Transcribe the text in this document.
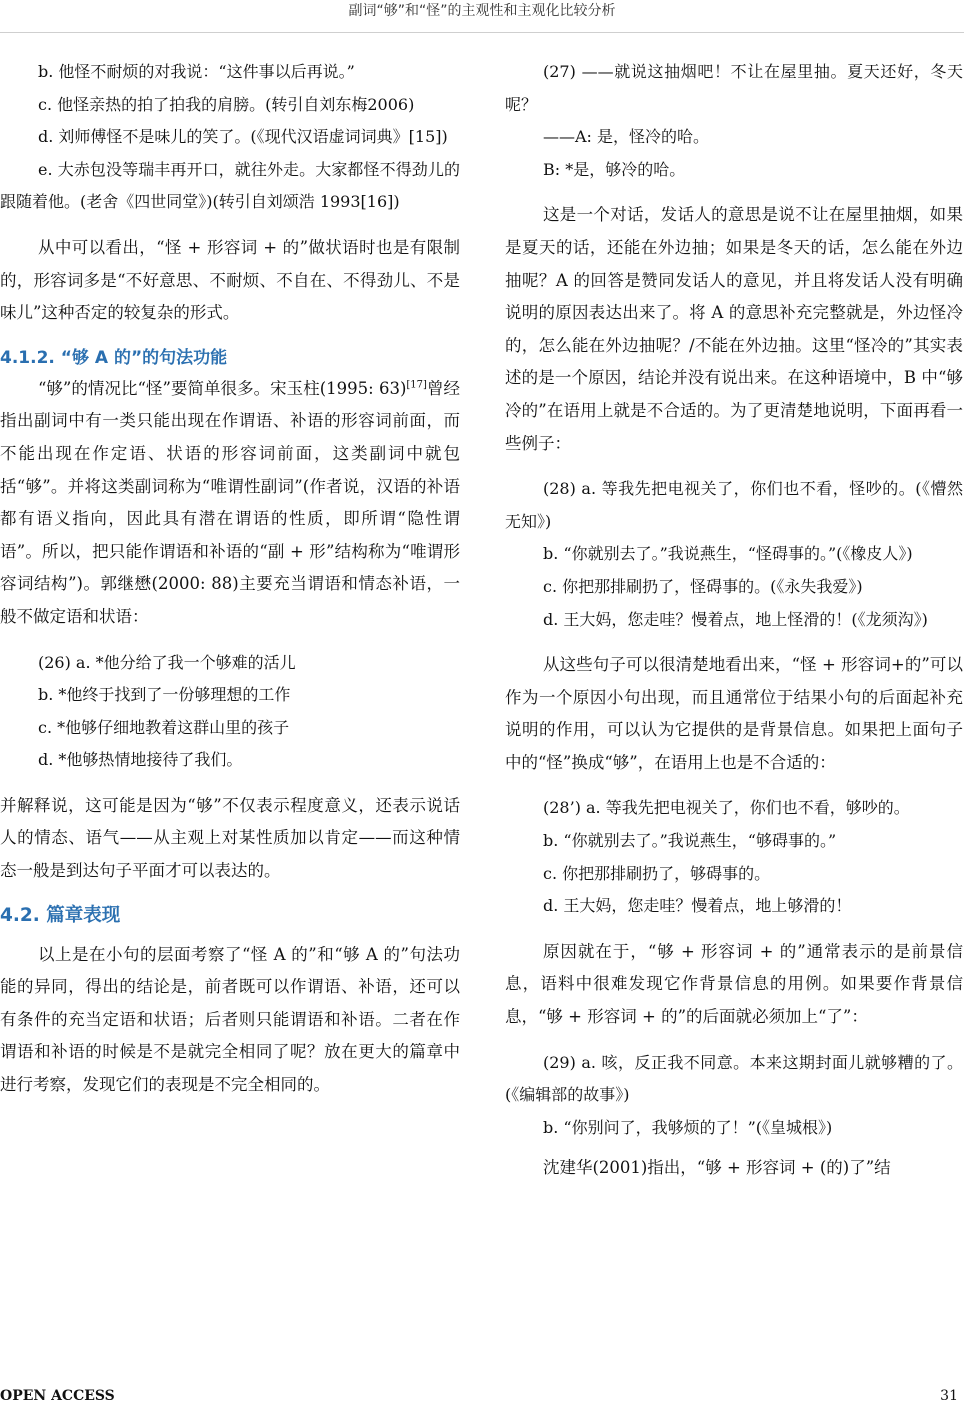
副词“够”和“怪”的主观性和主观化比较分析

b. 他怪不耐烦的对我说：“这件事以后再说。”

c. 他怪亲热的拍了拍我的肩膀。(转引自刘东梅2006)

d. 刘师傅怪不是味儿的笑了。(《现代汉语虚词词典》[15])

e. 大赤包没等瑞丰再开口，就往外走。大家都怪不得劲儿的跟随着他。(老舍《四世同堂》)(转引自刘颂浩 1993[16])

从中可以看出，“怪 + 形容词 + 的”做状语时也是有限制的，形容词多是“不好意思、不耐烦、不自在、不得劲儿、不是味儿”这种否定的较复杂的形式。

4.1.2. “够 A 的”的句法功能

“够”的情况比“怪”要简单很多。宋玉柱(1995: 63)[17]曾经指出副词中有一类只能出现在作谓语、补语的形容词前面，而不能出现在作定语、状语的形容词前面，这类副词中就包括“够”。并将这类副词称为“唯谓性副词”(作者说，汉语的补语都有语义指向，因此具有潜在谓语的性质，即所谓“隐性谓语”。所以，把只能作谓语和补语的“副 + 形”结构称为“唯谓形容词结构”)。郭继懋(2000: 88)主要充当谓语和情态补语，一般不做定语和状语：

(26) a. *他分给了我一个够难的活儿

b. *他终于找到了一份够理想的工作

c. *他够仔细地教着这群山里的孩子

d. *他够热情地接待了我们。

并解释说，这可能是因为“够”不仅表示程度意义，还表示说话人的情态、语气——从主观上对某性质加以肯定——而这种情态一般是到达句子平面才可以表达的。

4.2. 篇章表现

以上是在小句的层面考察了“怪 A 的”和“够 A 的”句法功能的异同，得出的结论是，前者既可以作谓语、补语，还可以有条件的充当定语和状语；后者则只能谓语和补语。二者在作谓语和补语的时候是不是就完全相同了呢？放在更大的篇章中进行考察，发现它们的表现是不完全相同的。

(27) ——就说这抽烟吧！不让在屋里抽。夏天还好，冬天呢？

——A: 是，怪冷的哈。

B: *是，够冷的哈。

这是一个对话，发话人的意思是说不让在屋里抽烟，如果是夏天的话，还能在外边抽；如果是冬天的话，怎么能在外边抽呢？A 的回答是赞同发话人的意见，并且将发话人没有明确说明的原因表达出来了。将 A 的意思补充完整就是，外边怪冷的，怎么能在外边抽呢？/不能在外边抽。这里“怪冷的”其实表述的是一个原因，结论并没有说出来。在这种语境中，B 中“够冷的”在语用上就是不合适的。为了更清楚地说明，下面再看一些例子：

(28) a. 等我先把电视关了，你们也不看，怪吵的。(《懵然无知》)

b. “你就别去了。”我说燕生，“怪碍事的。”(《橡皮人》)

c. 你把那排刷扔了，怪碍事的。(《永失我爱》)

d. 王大妈，您走哇？慢着点，地上怪滑的！(《龙须沟》)

从这些句子可以很清楚地看出来，“怪 + 形容词+的”可以作为一个原因小句出现，而且通常位于结果小句的后面起补充说明的作用，可以认为它提供的是背景信息。如果把上面句子中的“怪”换成“够”，在语用上也是不合适的：

(28’) a. 等我先把电视关了，你们也不看，够吵的。

b. “你就别去了。”我说燕生，“够碍事的。”

c. 你把那排刷扔了，够碍事的。

d. 王大妈，您走哇？慢着点，地上够滑的！

原因就在于，“够 + 形容词 + 的”通常表示的是前景信息，语料中很难发现它作背景信息的用例。如果要作背景信息，“够 + 形容词 + 的”的后面就必须加上“了”：

(29) a. 咳，反正我不同意。本来这期封面儿就够糟的了。(《编辑部的故事》)

b. “你别问了，我够烦的了！”(《皇城根》)

沈建华(2001)指出，“够 + 形容词 + (的)了”结

OPEN ACCESS	31
